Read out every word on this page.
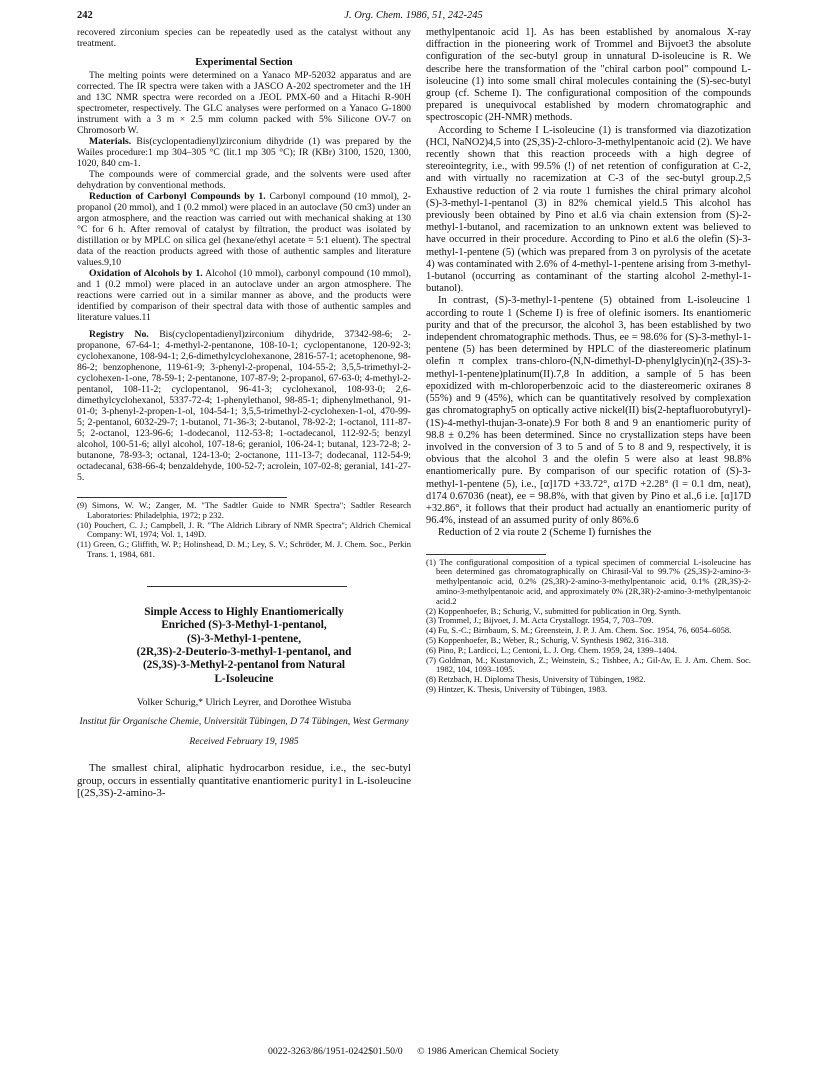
242	J. Org. Chem. 1986, 51, 242-245

recovered zirconium species can be repeatedly used as the catalyst without any treatment.

Experimental Section

The melting points were determined on a Yanaco MP-52032 apparatus and are corrected. The IR spectra were taken with a JASCO A-202 spectrometer and the 1H and 13C NMR spectra were recorded on a JEOL PMX-60 and a Hitachi R-90H spectrometer, respectively. The GLC analyses were performed on a Yanaco G-1800 instrument with a 3 m × 2.5 mm column packed with 5% Silicone OV-7 on Chromosorb W.

Materials. Bis(cyclopentadienyl)zirconium dihydride (1) was prepared by the Wailes procedure:1 mp 304–305 °C (lit.1 mp 305 °C); IR (KBr) 3100, 1520, 1300, 1020, 840 cm-1.

The compounds were of commercial grade, and the solvents were used after dehydration by conventional methods.

Reduction of Carbonyl Compounds by 1. Carbonyl compound (10 mmol), 2-propanol (20 mmol), and 1 (0.2 mmol) were placed in an autoclave (50 cm3) under an argon atmosphere, and the reaction was carried out with mechanical shaking at 130 °C for 6 h. After removal of catalyst by filtration, the product was isolated by distillation or by MPLC on silica gel (hexane/ethyl acetate = 5:1 eluent). The spectral data of the reaction products agreed with those of authentic samples and literature values.9,10

Oxidation of Alcohols by 1. Alcohol (10 mmol), carbonyl compound (10 mmol), and 1 (0.2 mmol) were placed in an autoclave under an argon atmosphere. The reactions were carried out in a similar manner as above, and the products were identified by comparison of their spectral data with those of authentic samples and literature values.11

Registry No. Bis(cyclopentadienyl)zirconium dihydride, 37342-98-6; 2-propanone, 67-64-1; 4-methyl-2-pentanone, 108-10-1; cyclopentanone, 120-92-3; cyclohexanone, 108-94-1; 2,6-dimethylcyclohexanone, 2816-57-1; acetophenone, 98-86-2; benzophenone, 119-61-9; 3-phenyl-2-propenal, 104-55-2; 3,5,5-trimethyl-2-cyclohexen-1-one, 78-59-1; 2-pentanone, 107-87-9; 2-propanol, 67-63-0; 4-methyl-2-pentanol, 108-11-2; cyclopentanol, 96-41-3; cyclohexanol, 108-93-0; 2,6-dimethylcyclohexanol, 5337-72-4; 1-phenylethanol, 98-85-1; diphenylmethanol, 91-01-0; 3-phenyl-2-propen-1-ol, 104-54-1; 3,5,5-trimethyl-2-cyclohexen-1-ol, 470-99-5; 2-pentanol, 6032-29-7; 1-butanol, 71-36-3; 2-butanol, 78-92-2; 1-octanol, 111-87-5; 2-octanol, 123-96-6; 1-dodecanol, 112-53-8; 1-octadecanol, 112-92-5; benzyl alcohol, 100-51-6; allyl alcohol, 107-18-6; geraniol, 106-24-1; butanal, 123-72-8; 2-butanone, 78-93-3; octanal, 124-13-0; 2-octanone, 111-13-7; dodecanal, 112-54-9; octadecanal, 638-66-4; benzaldehyde, 100-52-7; acrolein, 107-02-8; geranial, 141-27-5.

(9) Simons, W. W.; Zanger, M. "The Sadtler Guide to NMR Spectra"; Sadtler Research Laboratories: Philadelphia, 1972; p 232.

(10) Pouchert, C. J.; Campbell, J. R. "The Aldrich Library of NMR Spectra"; Aldrich Chemical Company: WI, 1974; Vol. 1, 149D.

(11) Green, G.; Gliffith, W. P.; Holinshead, D. M.; Ley, S. V.; Schröder, M. J. Chem. Soc., Perkin Trans. 1, 1984, 681.

Simple Access to Highly Enantiomerically

Enriched (S)-3-Methyl-1-pentanol,

(S)-3-Methyl-1-pentene,

(2R,3S)-2-Deuterio-3-methyl-1-pentanol, and

(2S,3S)-3-Methyl-2-pentanol from Natural

L-Isoleucine

Volker Schurig,* Ulrich Leyrer, and Dorothee Wistuba

Institut für Organische Chemie, Universität Tübingen, D 74 Tübingen, West Germany

Received February 19, 1985

The smallest chiral, aliphatic hydrocarbon residue, i.e., the sec-butyl group, occurs in essentially quantitative enantiomeric purity1 in L-isoleucine [(2S,3S)-2-amino-3-

methylpentanoic acid 1]. As has been established by anomalous X-ray diffraction in the pioneering work of Trommel and Bijvoet3 the absolute configuration of the sec-butyl group in unnatural D-isoleucine is R. We describe here the transformation of the "chiral carbon pool" compound L-isoleucine (1) into some small chiral molecules containing the (S)-sec-butyl group (cf. Scheme I). The configurational composition of the compounds prepared is unequivocal established by modern chromatographic and spectroscopic (2H-NMR) methods.

According to Scheme I L-isoleucine (1) is transformed via diazotization (HCl, NaNO2)4,5 into (2S,3S)-2-chloro-3-methylpentanoic acid (2). We have recently shown that this reaction proceeds with a high degree of stereointegrity, i.e., with 99.5% (!) of net retention of configuration at C-2, and with virtually no racemization at C-3 of the sec-butyl group.2,5 Exhaustive reduction of 2 via route 1 furnishes the chiral primary alcohol (S)-3-methyl-1-pentanol (3) in 82% chemical yield.5 This alcohol has previously been obtained by Pino et al.6 via chain extension from (S)-2-methyl-1-butanol, and racemization to an unknown extent was believed to have occurred in their procedure. According to Pino et al.6 the olefin (S)-3-methyl-1-pentene (5) (which was prepared from 3 on pyrolysis of the acetate 4) was contaminated with 2.6% of 4-methyl-1-pentene arising from 3-methyl-1-butanol (occurring as contaminant of the starting alcohol 2-methyl-1-butanol).

In contrast, (S)-3-methyl-1-pentene (5) obtained from L-isoleucine 1 according to route 1 (Scheme I) is free of olefinic isomers. Its enantiomeric purity and that of the precursor, the alcohol 3, has been established by two independent chromatographic methods. Thus, ee = 98.6% for (S)-3-methyl-1-pentene (5) has been determined by HPLC of the diastereomeric platinum olefin π complex trans-chloro-(N,N-dimethyl-D-phenylglycin)(η2-(3S)-3-methyl-1-pentene)platinum(II).7,8 In addition, a sample of 5 has been epoxidized with m-chloroperbenzoic acid to the diastereomeric oxiranes 8 (55%) and 9 (45%), which can be quantitatively resolved by complexation gas chromatography5 on optically active nickel(II) bis(2-heptafluorobutyryl)-(1S)-4-methyl-thujan-3-onate).9 For both 8 and 9 an enantiomeric purity of 98.8 ± 0.2% has been determined. Since no crystallization steps have been involved in the conversion of 3 to 5 and of 5 to 8 and 9, respectively, it is obvious that the alcohol 3 and the olefin 5 were also at least 98.8% enantiomerically pure. By comparison of our specific rotation of (S)-3-methyl-1-pentene (5), i.e., [α]17D +33.72°, α17D +2.28° (l = 0.1 dm, neat), d174 0.67036 (neat), ee = 98.8%, with that given by Pino et al.,6 i.e. [α]17D +32.86°, it follows that their product had actually an enantiomeric purity of 96.4%, instead of an assumed purity of only 86%.6

Reduction of 2 via route 2 (Scheme I) furnishes the

(1) The configurational composition of a typical specimen of commercial L-isoleucine has been determined gas chromatographically on Chirasil-Val to 99.7% (2S,3S)-2-amino-3-methylpentanoic acid, 0.2% (2S,3R)-2-amino-3-methylpentanoic acid, 0.1% (2R,3S)-2-amino-3-methylpentanoic acid, and approximately 0% (2R,3R)-2-amino-3-methylpentanoic acid.2

(2) Koppenhoefer, B.; Schurig, V., submitted for publication in Org. Synth.

(3) Trommel, J.; Bijvoet, J. M. Acta Crystallogr. 1954, 7, 703–709.

(4) Fu, S.-C.; Birnbaum, S. M.; Greenstein, J. P. J. Am. Chem. Soc. 1954, 76, 6054–6058.

(5) Koppenhoefer, B.; Weber, R.; Schurig, V. Synthesis 1982, 316–318.

(6) Pino, P.; Lardicci, L.; Centoni, L. J. Org. Chem. 1959, 24, 1399–1404.

(7) Goldman, M.; Kustanovich, Z.; Weinstein, S.; Tishbee, A.; Gil-Av, E. J. Am. Chem. Soc. 1982, 104, 1093–1095.

(8) Retzbach, H. Diploma Thesis, University of Tübingen, 1982.

(9) Hintzer, K. Thesis, University of Tübingen, 1983.

0022-3263/86/1951-0242$01.50/0 © 1986 American Chemical Society
